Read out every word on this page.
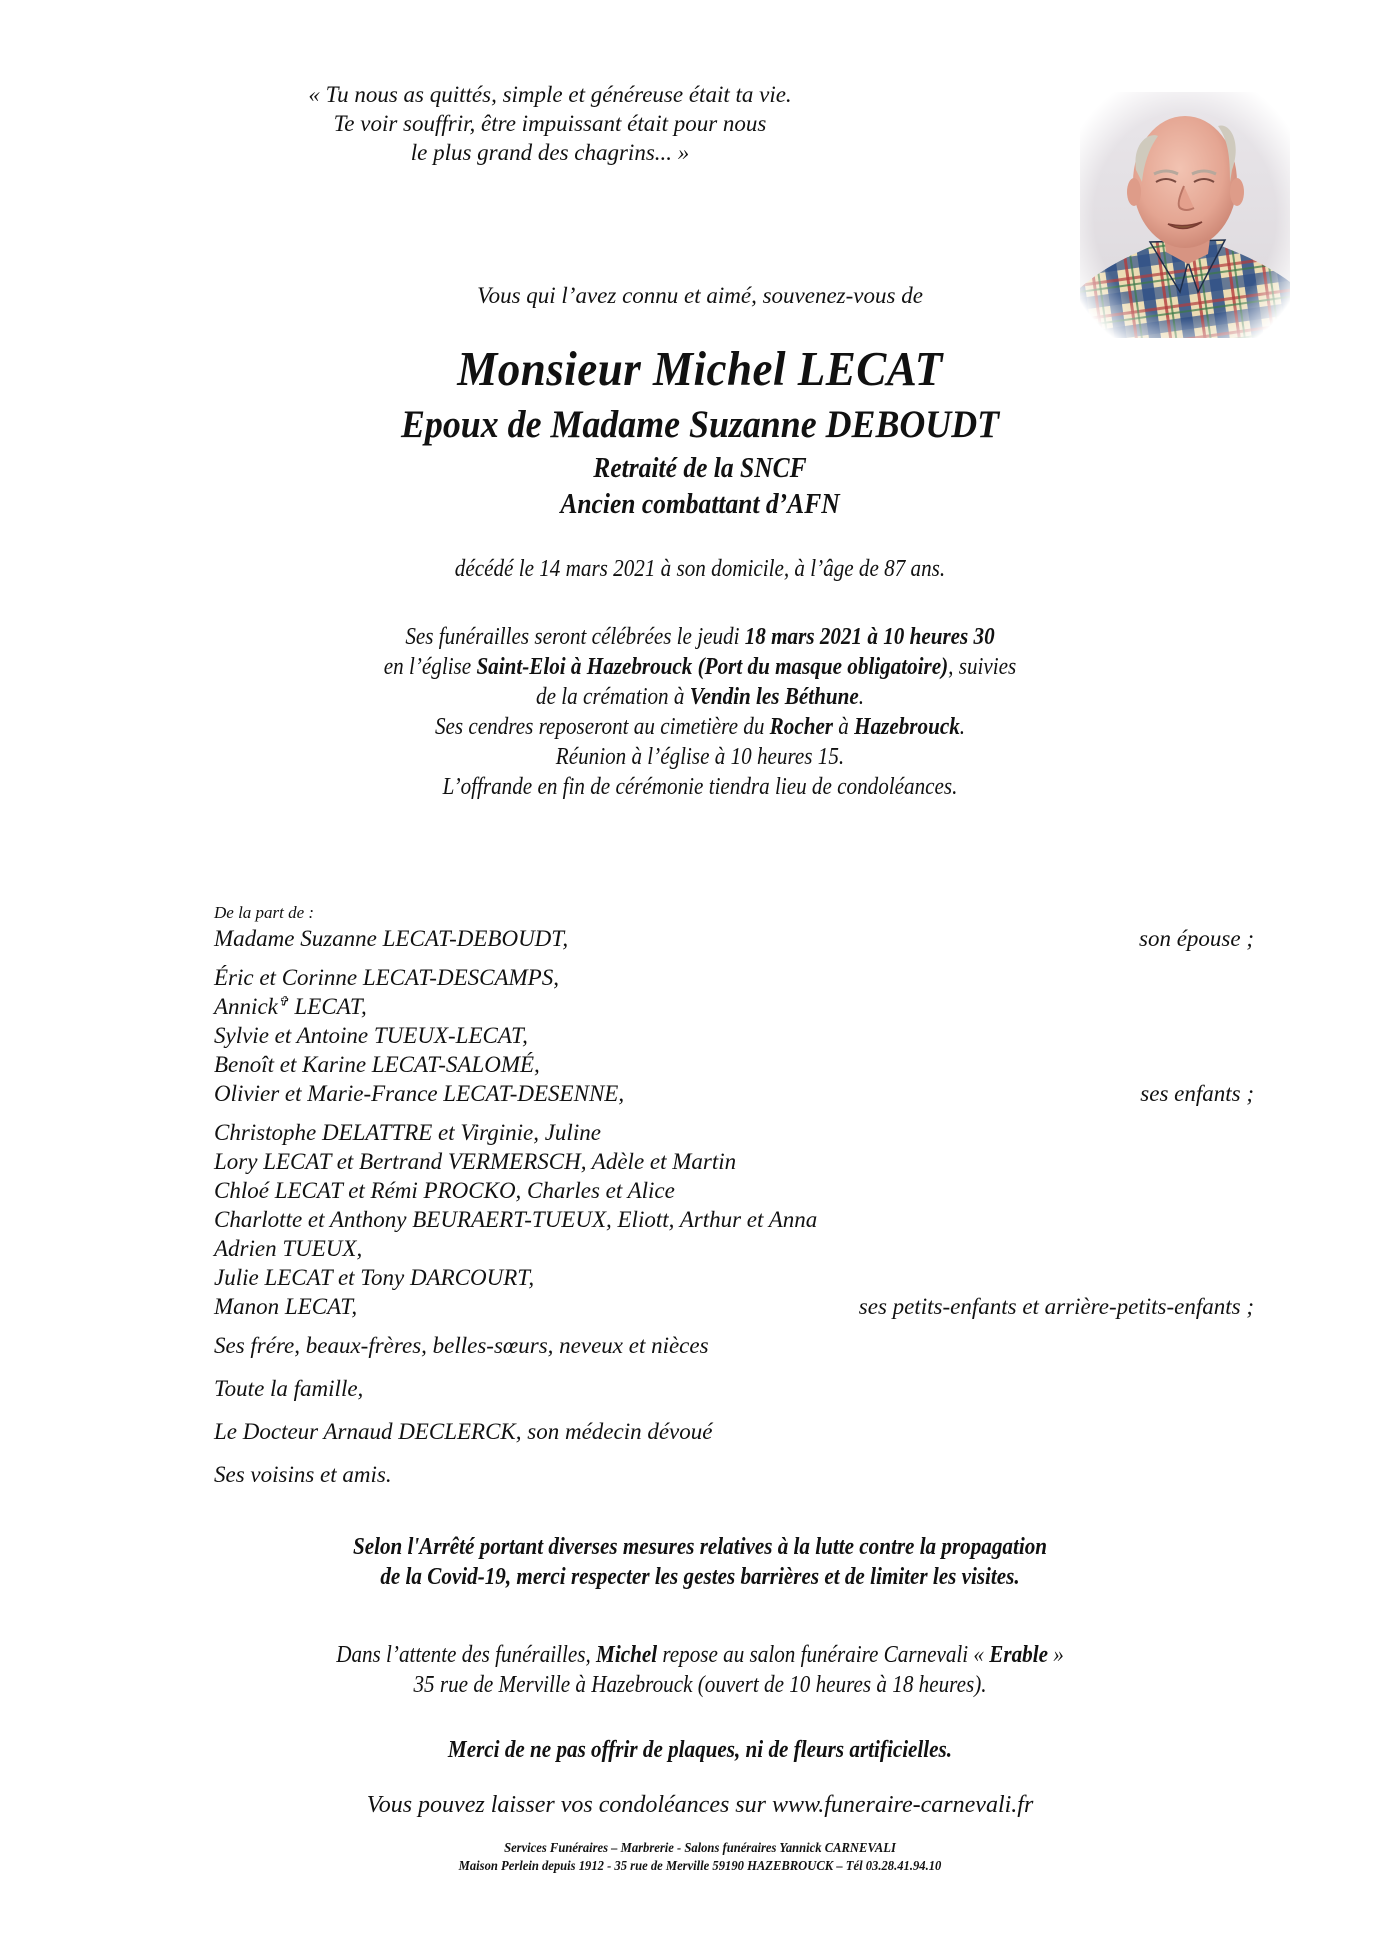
« Tu nous as quittés, simple et généreuse était ta vie.
Te voir souffrir, être impuissant était pour nous
le plus grand des chagrins... »
Vous qui l’avez connu et aimé, souvenez-vous de
Monsieur Michel LECAT
Epoux de Madame Suzanne DEBOUDT
Retraité de la SNCF
Ancien combattant d’AFN
décédé le 14 mars 2021 à son domicile, à l’âge de 87 ans.
Ses funérailles seront célébrées le jeudi 18 mars 2021 à 10 heures 30
en l’église Saint-Eloi à Hazebrouck (Port du masque obligatoire), suivies
de la crémation à Vendin les Béthune.
Ses cendres reposeront au cimetière du Rocher à Hazebrouck.
Réunion à l’église à 10 heures 15.
L’offrande en fin de cérémonie tiendra lieu de condoléances.
De la part de :
Madame Suzanne LECAT-DEBOUDT,	son épouse ;
Éric et Corinne LECAT-DESCAMPS,
Annick✞ LECAT,
Sylvie et Antoine TUEUX-LECAT,
Benoît et Karine LECAT-SALOMÉ,
Olivier et Marie-France LECAT-DESENNE,	ses enfants ;
Christophe DELATTRE et Virginie, Juline
Lory LECAT et Bertrand VERMERSCH, Adèle et Martin
Chloé LECAT et Rémi PROCKO, Charles et Alice
Charlotte et Anthony BEURAERT-TUEUX, Eliott, Arthur et Anna
Adrien TUEUX,
Julie LECAT et Tony DARCOURT,
Manon LECAT,	ses petits-enfants et arrière-petits-enfants ;
Ses frére, beaux-frères, belles-sœurs, neveux et nièces
Toute la famille,
Le Docteur Arnaud DECLERCK, son médecin dévoué
Ses voisins et amis.
Selon l'Arrêté portant diverses mesures relatives à la lutte contre la propagation
de la Covid-19, merci respecter les gestes barrières et de limiter les visites.
Dans l’attente des funérailles, Michel repose au salon funéraire Carnevali « Erable »
35 rue de Merville à Hazebrouck (ouvert de 10 heures à 18 heures).
Merci de ne pas offrir de plaques, ni de fleurs artificielles.
Vous pouvez laisser vos condoléances sur www.funeraire-carnevali.fr
Services Funéraires – Marbrerie - Salons funéraires Yannick CARNEVALI
Maison Perlein depuis 1912 - 35 rue de Merville 59190 HAZEBROUCK – Tél 03.28.41.94.10
